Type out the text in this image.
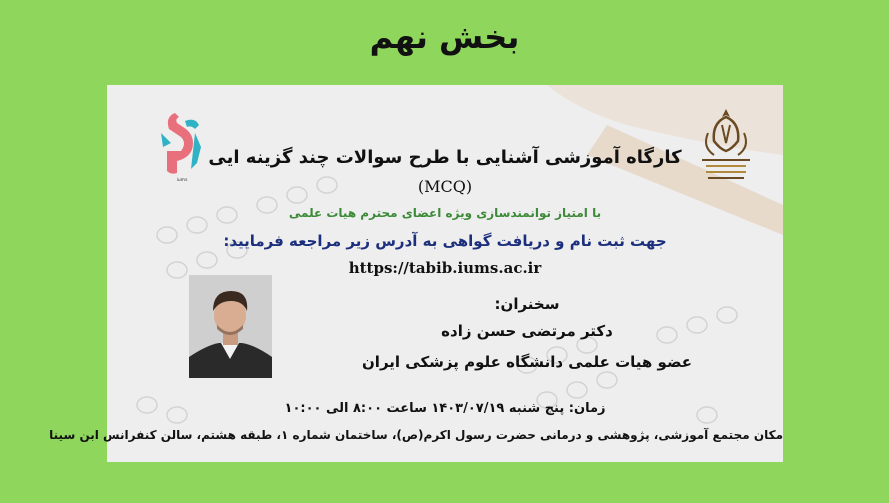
بخش نهم
iums
کارگاه آموزشی آشنایی با طرح سوالات چند گزینه ایی
(MCQ)
با امتیاز توانمندسازی ویژه اعضای محترم هیات علمی
جهت ثبت نام و دریافت گواهی به آدرس زیر مراجعه فرمایید:
https://tabib.iums.ac.ir
سخنران:
دکتر مرتضی حسن زاده
عضو هیات علمی دانشگاه علوم پزشکی ایران
زمان: پنج شنبه ۱۴۰۳/۰۷/۱۹ ساعت ۸:۰۰ الی ۱۰:۰۰
مکان مجتمع آموزشی، پژوهشی و درمانی حضرت رسول اکرم(ص)، ساختمان شماره ۱، طبقه هشتم، سالن کنفرانس ابن سینا
